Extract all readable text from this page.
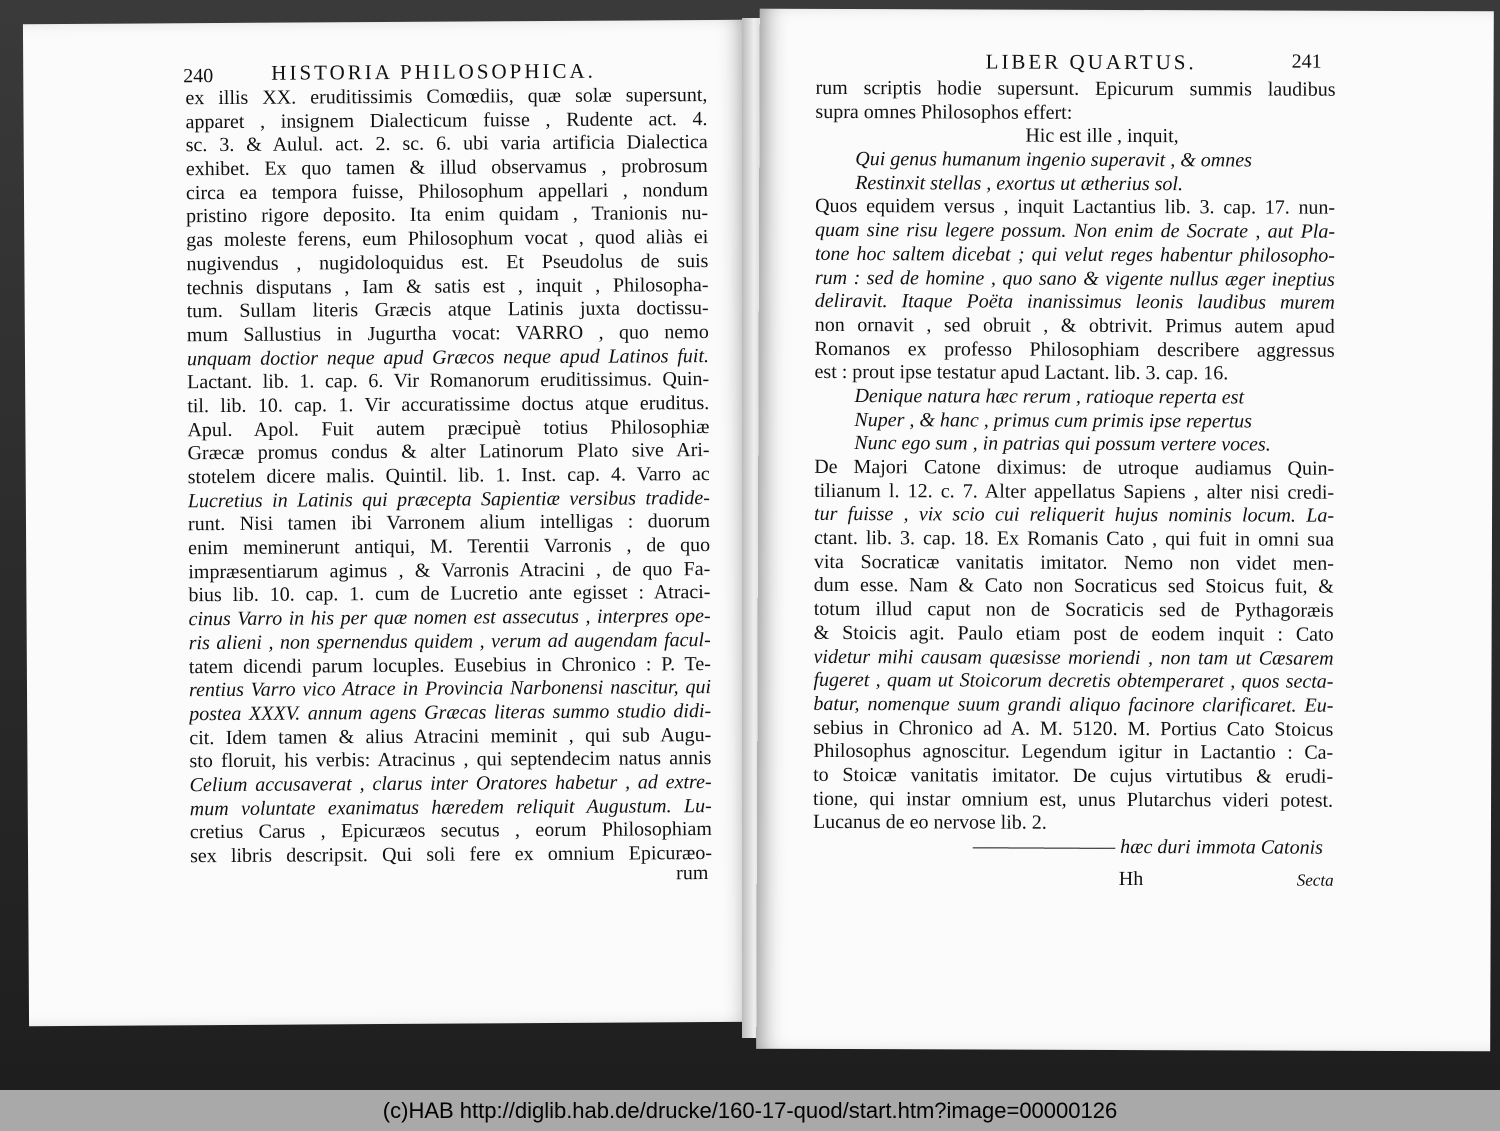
240	HISTORIA PHILOSOPHICA.
ex illis XX. eruditissimis Comœdiis, quæ solæ supersunt,
apparet , insignem Dialecticum fuisse , Rudente act. 4.
sc. 3. & Aulul. act. 2. sc. 6. ubi varia artificia Dialectica
exhibet. Ex quo tamen & illud observamus , probrosum
circa ea tempora fuisse, Philosophum appellari , nondum
pristino rigore deposito. Ita enim quidam , Tranionis nu-
gas moleste ferens, eum Philosophum vocat , quod aliàs ei
nugivendus , nugidoloquidus est. Et Pseudolus de suis
technis disputans , Iam & satis est , inquit , Philosopha-
tum. Sullam literis Græcis atque Latinis juxta doctissu-
mum Sallustius in Jugurtha vocat: VARRO , quo nemo
unquam doctior neque apud Græcos neque apud Latinos fuit.
Lactant. lib. 1. cap. 6. Vir Romanorum eruditissimus. Quin-
til. lib. 10. cap. 1. Vir accuratissime doctus atque eruditus.
Apul. Apol. Fuit autem præcipuè totius Philosophiæ
Græcæ promus condus & alter Latinorum Plato sive Ari-
stotelem dicere malis. Quintil. lib. 1. Inst. cap. 4. Varro ac
Lucretius in Latinis qui præcepta Sapientiæ versibus tradide-
runt. Nisi tamen ibi Varronem alium intelligas : duorum
enim meminerunt antiqui, M. Terentii Varronis , de quo
impræsentiarum agimus , & Varronis Atracini , de quo Fa-
bius lib. 10. cap. 1. cum de Lucretio ante egisset : Atraci-
cinus Varro in his per quæ nomen est assecutus , interpres ope-
ris alieni , non spernendus quidem , verum ad augendam facul-
tatem dicendi parum locuples. Eusebius in Chronico : P. Te-
rentius Varro vico Atrace in Provincia Narbonensi nascitur, qui
postea XXXV. annum agens Græcas literas summo studio didi-
cit. Idem tamen & alius Atracini meminit , qui sub Augu-
sto floruit, his verbis: Atracinus , qui septendecim natus annis
Celium accusaverat , clarus inter Oratores habetur , ad extre-
mum voluntate exanimatus hæredem reliquit Augustum. Lu-
cretius Carus , Epicuræos secutus , eorum Philosophiam
sex libris descripsit. Qui soli fere ex omnium Epicuræo-
rum
LIBER QUARTUS.	241
rum scriptis hodie supersunt. Epicurum summis laudibus
supra omnes Philosophos effert:
Hic est ille , inquit,
Qui genus humanum ingenio superavit , & omnes
Restinxit stellas , exortus ut ætherius sol.
Quos equidem versus , inquit Lactantius lib. 3. cap. 17. nun-
quam sine risu legere possum. Non enim de Socrate , aut Pla-
tone hoc saltem dicebat ; qui velut reges habentur philosopho-
rum : sed de homine , quo sano & vigente nullus æger ineptius
deliravit. Itaque Poëta inanissimus leonis laudibus murem
non ornavit , sed obruit , & obtrivit. Primus autem apud
Romanos ex professo Philosophiam describere aggressus
est : prout ipse testatur apud Lactant. lib. 3. cap. 16.
Denique natura hæc rerum , ratioque reperta est
Nuper , & hanc , primus cum primis ipse repertus
Nunc ego sum , in patrias qui possum vertere voces.
De Majori Catone diximus: de utroque audiamus Quin-
tilianum l. 12. c. 7. Alter appellatus Sapiens , alter nisi credi-
tur fuisse , vix scio cui reliquerit hujus nominis locum. La-
ctant. lib. 3. cap. 18. Ex Romanis Cato , qui fuit in omni sua
vita Socraticæ vanitatis imitator. Nemo non videt men-
dum esse. Nam & Cato non Socraticus sed Stoicus fuit, &
totum illud caput non de Socraticis sed de Pythagoræis
& Stoicis agit. Paulo etiam post de eodem inquit : Cato
videtur mihi causam quæsisse moriendi , non tam ut Cæsarem
fugeret , quam ut Stoicorum decretis obtemperaret , quos secta-
batur, nomenque suum grandi aliquo facinore clarificaret. Eu-
sebius in Chronico ad A. M. 5120. M. Portius Cato Stoicus
Philosophus agnoscitur. Legendum igitur in Lactantio : Ca-
to Stoicæ vanitatis imitator. De cujus virtutibus & erudi-
tione, qui instar omnium est, unus Plutarchus videri potest.
Lucanus de eo nervose lib. 2.
———————— hæc duri immota Catonis
Hh	Secta
(c)HAB http://diglib.hab.de/drucke/160-17-quod/start.htm?image=00000126
